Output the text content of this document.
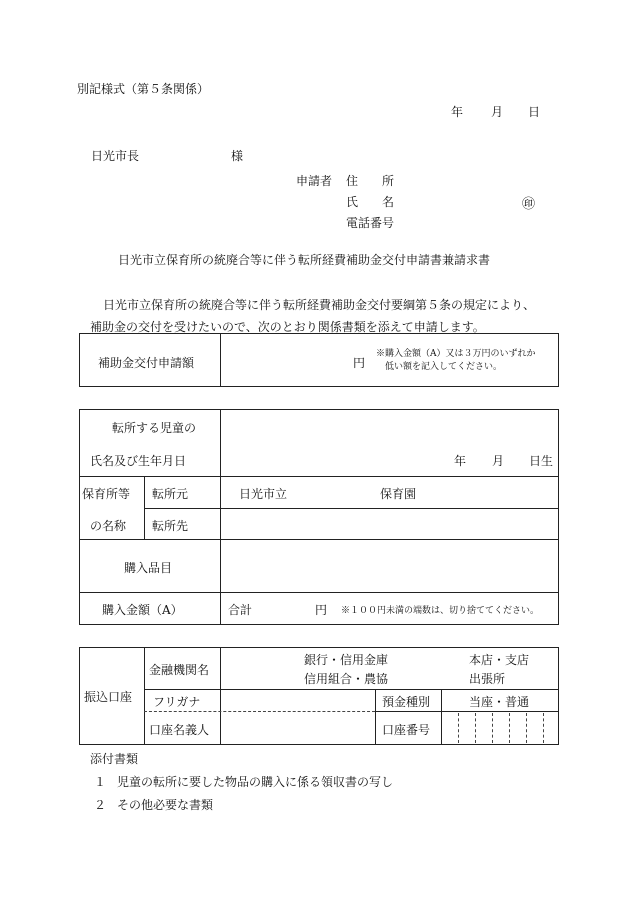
別記様式（第５条関係）
年 月 日
日光市長	様
申請者 住　　所
氏　　名	㊞
電話番号
日光市立保育所の統廃合等に伴う転所経費補助金交付申請書兼請求書
日光市立保育所の統廃合等に伴う転所経費補助金交付要綱第５条の規定により、
補助金の交付を受けたいので、次のとおり関係書類を添えて申請します。
補助金交付申請額	円
※購入金額（A）又は３万円のいずれか
低い額を記入してください。
転所する児童の
氏名及び生年月日	年 月 日生
保育所等
の名称
転所元	日光市立	保育園
転所先
購入品目
購入金額（A）	合計	円 ※１００円未満の端数は、切り捨ててください。
振込口座
金融機関名
銀行・信用金庫
信用組合・農協
本店・支店
出張所
フリガナ	預金種別	当座・普通
口座名義人	口座番号
添付書類
１ 児童の転所に要した物品の購入に係る領収書の写し
２ その他必要な書類
